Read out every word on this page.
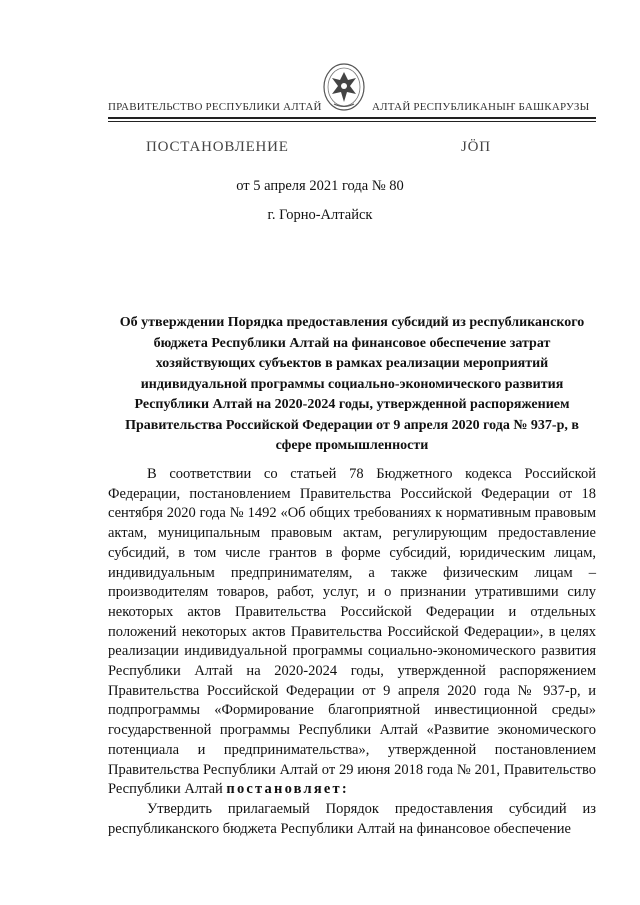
ПРАВИТЕЛЬСТВО РЕСПУБЛИКИ АЛТАЙ	АЛТАЙ РЕСПУБЛИКАНЫҤ БАШКАРУЗЫ
ПОСТАНОВЛЕНИЕ	ЈӦП
от 5 апреля 2021 года № 80
г. Горно-Алтайск
Об утверждении Порядка предоставления субсидий из республиканского бюджета Республики Алтай на финансовое обеспечение затрат хозяйствующих субъектов в рамках реализации мероприятий индивидуальной программы социально-экономического развития Республики Алтай на 2020-2024 годы, утвержденной распоряжением Правительства Российской Федерации от 9 апреля 2020 года № 937-р, в сфере промышленности

В соответствии со статьей 78 Бюджетного кодекса Российской Федерации, постановлением Правительства Российской Федерации от 18 сентября 2020 года № 1492 «Об общих требованиях к нормативным правовым актам, муниципальным правовым актам, регулирующим предоставление субсидий, в том числе грантов в форме субсидий, юридическим лицам, индивидуальным предпринимателям, а также физическим лицам – производителям товаров, работ, услуг, и о признании утратившими силу некоторых актов Правительства Российской Федерации и отдельных положений некоторых актов Правительства Российской Федерации», в целях реализации индивидуальной программы социально-экономического развития Республики Алтай на 2020-2024 годы, утвержденной распоряжением Правительства Российской Федерации от 9 апреля 2020 года № 937-р, и подпрограммы «Формирование благоприятной инвестиционной среды» государственной программы Республики Алтай «Развитие экономического потенциала и предпринимательства», утвержденной постановлением Правительства Республики Алтай от 29 июня 2018 года № 201, Правительство Республики Алтай постановляет:

Утвердить прилагаемый Порядок предоставления субсидий из республиканского бюджета Республики Алтай на финансовое обеспечение
